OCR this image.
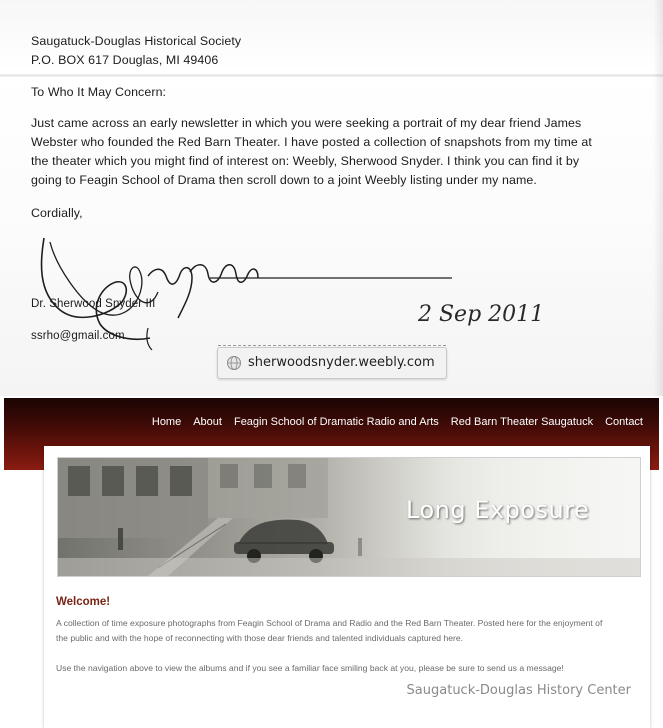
Saugatuck-Douglas Historical Society
P.O. BOX 617 Douglas, MI 49406
To Who It May Concern:
Just came across an early newsletter in which you were seeking a portrait of my dear friend James
Webster who founded the Red Barn Theater. I have posted a collection of snapshots from my time at
the theater which you might find of interest on: Weebly, Sherwood Snyder. I think you can find it by
going to Feagin School of Drama then scroll down to a joint Weebly listing under my name.
Cordially,
Dr. Sherwood Snyder III
ssrho@gmail.com
2 Sep 2011
sherwoodsnyder.weebly.com
Home	About	Feagin School of Dramatic Radio and Arts	Red Barn Theater Saugatuck	Contact
Long Exposure
Welcome!
A collection of time exposure photographs from Feagin School of Drama and Radio and the Red Barn Theater. Posted here for the enjoyment of
the public and with the hope of reconnecting with those dear friends and talented individuals captured here.
Use the navigation above to view the albums and if you see a familiar face smiling back at you, please be sure to send us a message!
Saugatuck-Douglas History Center
